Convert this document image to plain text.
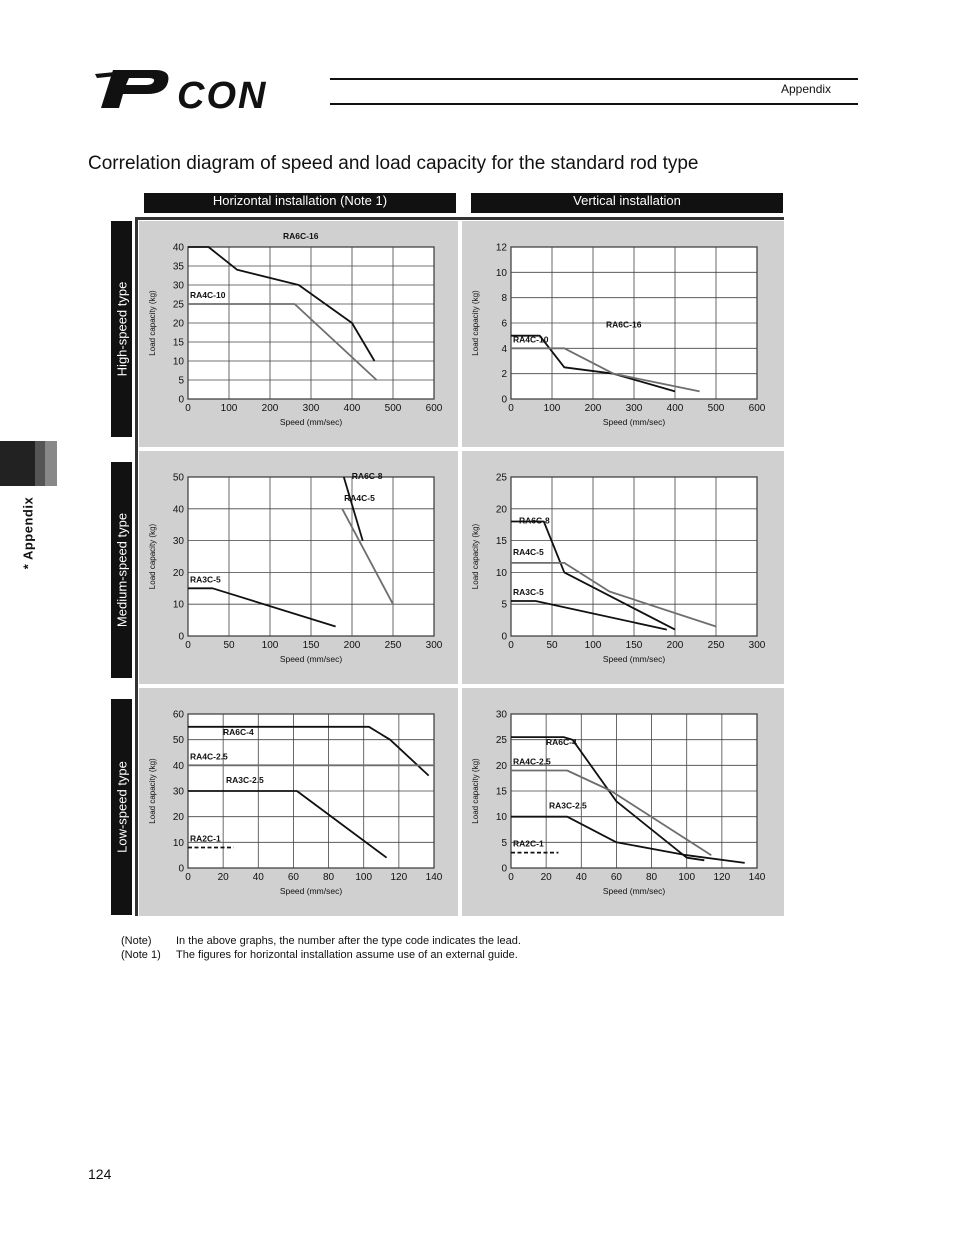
CON	Appendix
Correlation diagram of speed and load capacity for the standard rod type
Horizontal installation (Note 1)	Vertical installation
High-speed type
Medium-speed type
Low-speed type
* Appendix
0	100 200 300 400 500 600
0
5
10
15
20
25
30
35
40
Speed (mm/sec)
Load capacity (kg)
RA6C-16
RA4C-10
0	100 200 300 400 500 600
0
2
4
6
8
10
12
Speed (mm/sec)
Load capacity (kg)	RA6C-16
RA4C-10
0	50	100 150 200 250 300
0
10
20
30
40
50
Speed (mm/sec)
Load capacity (kg)
RA6C-8
RA4C-5
RA3C-5
0	50	100 150 200 250 300
0
5
10
15
20
25
Speed (mm/sec)
Load capacity (kg)
RA6C-8
RA4C-5
RA3C-5
0	20 40 60 80 100 120 140
0
10
20
30
40
50
60
Speed (mm/sec)
Load capacity (kg)
RA6C-4
RA4C-2.5
RA3C-2.5
RA2C-1
0	20 40 60 80 100 120 140
0
5
10
15
20
25
30
Speed (mm/sec)
Load capacity (kg)
RA6C-4
RA4C-2.5
RA3C-2.5
RA2C-1
(Note) In the above graphs, the number after the type code indicates the lead.
(Note 1) The figures for horizontal installation assume use of an external guide.
124
